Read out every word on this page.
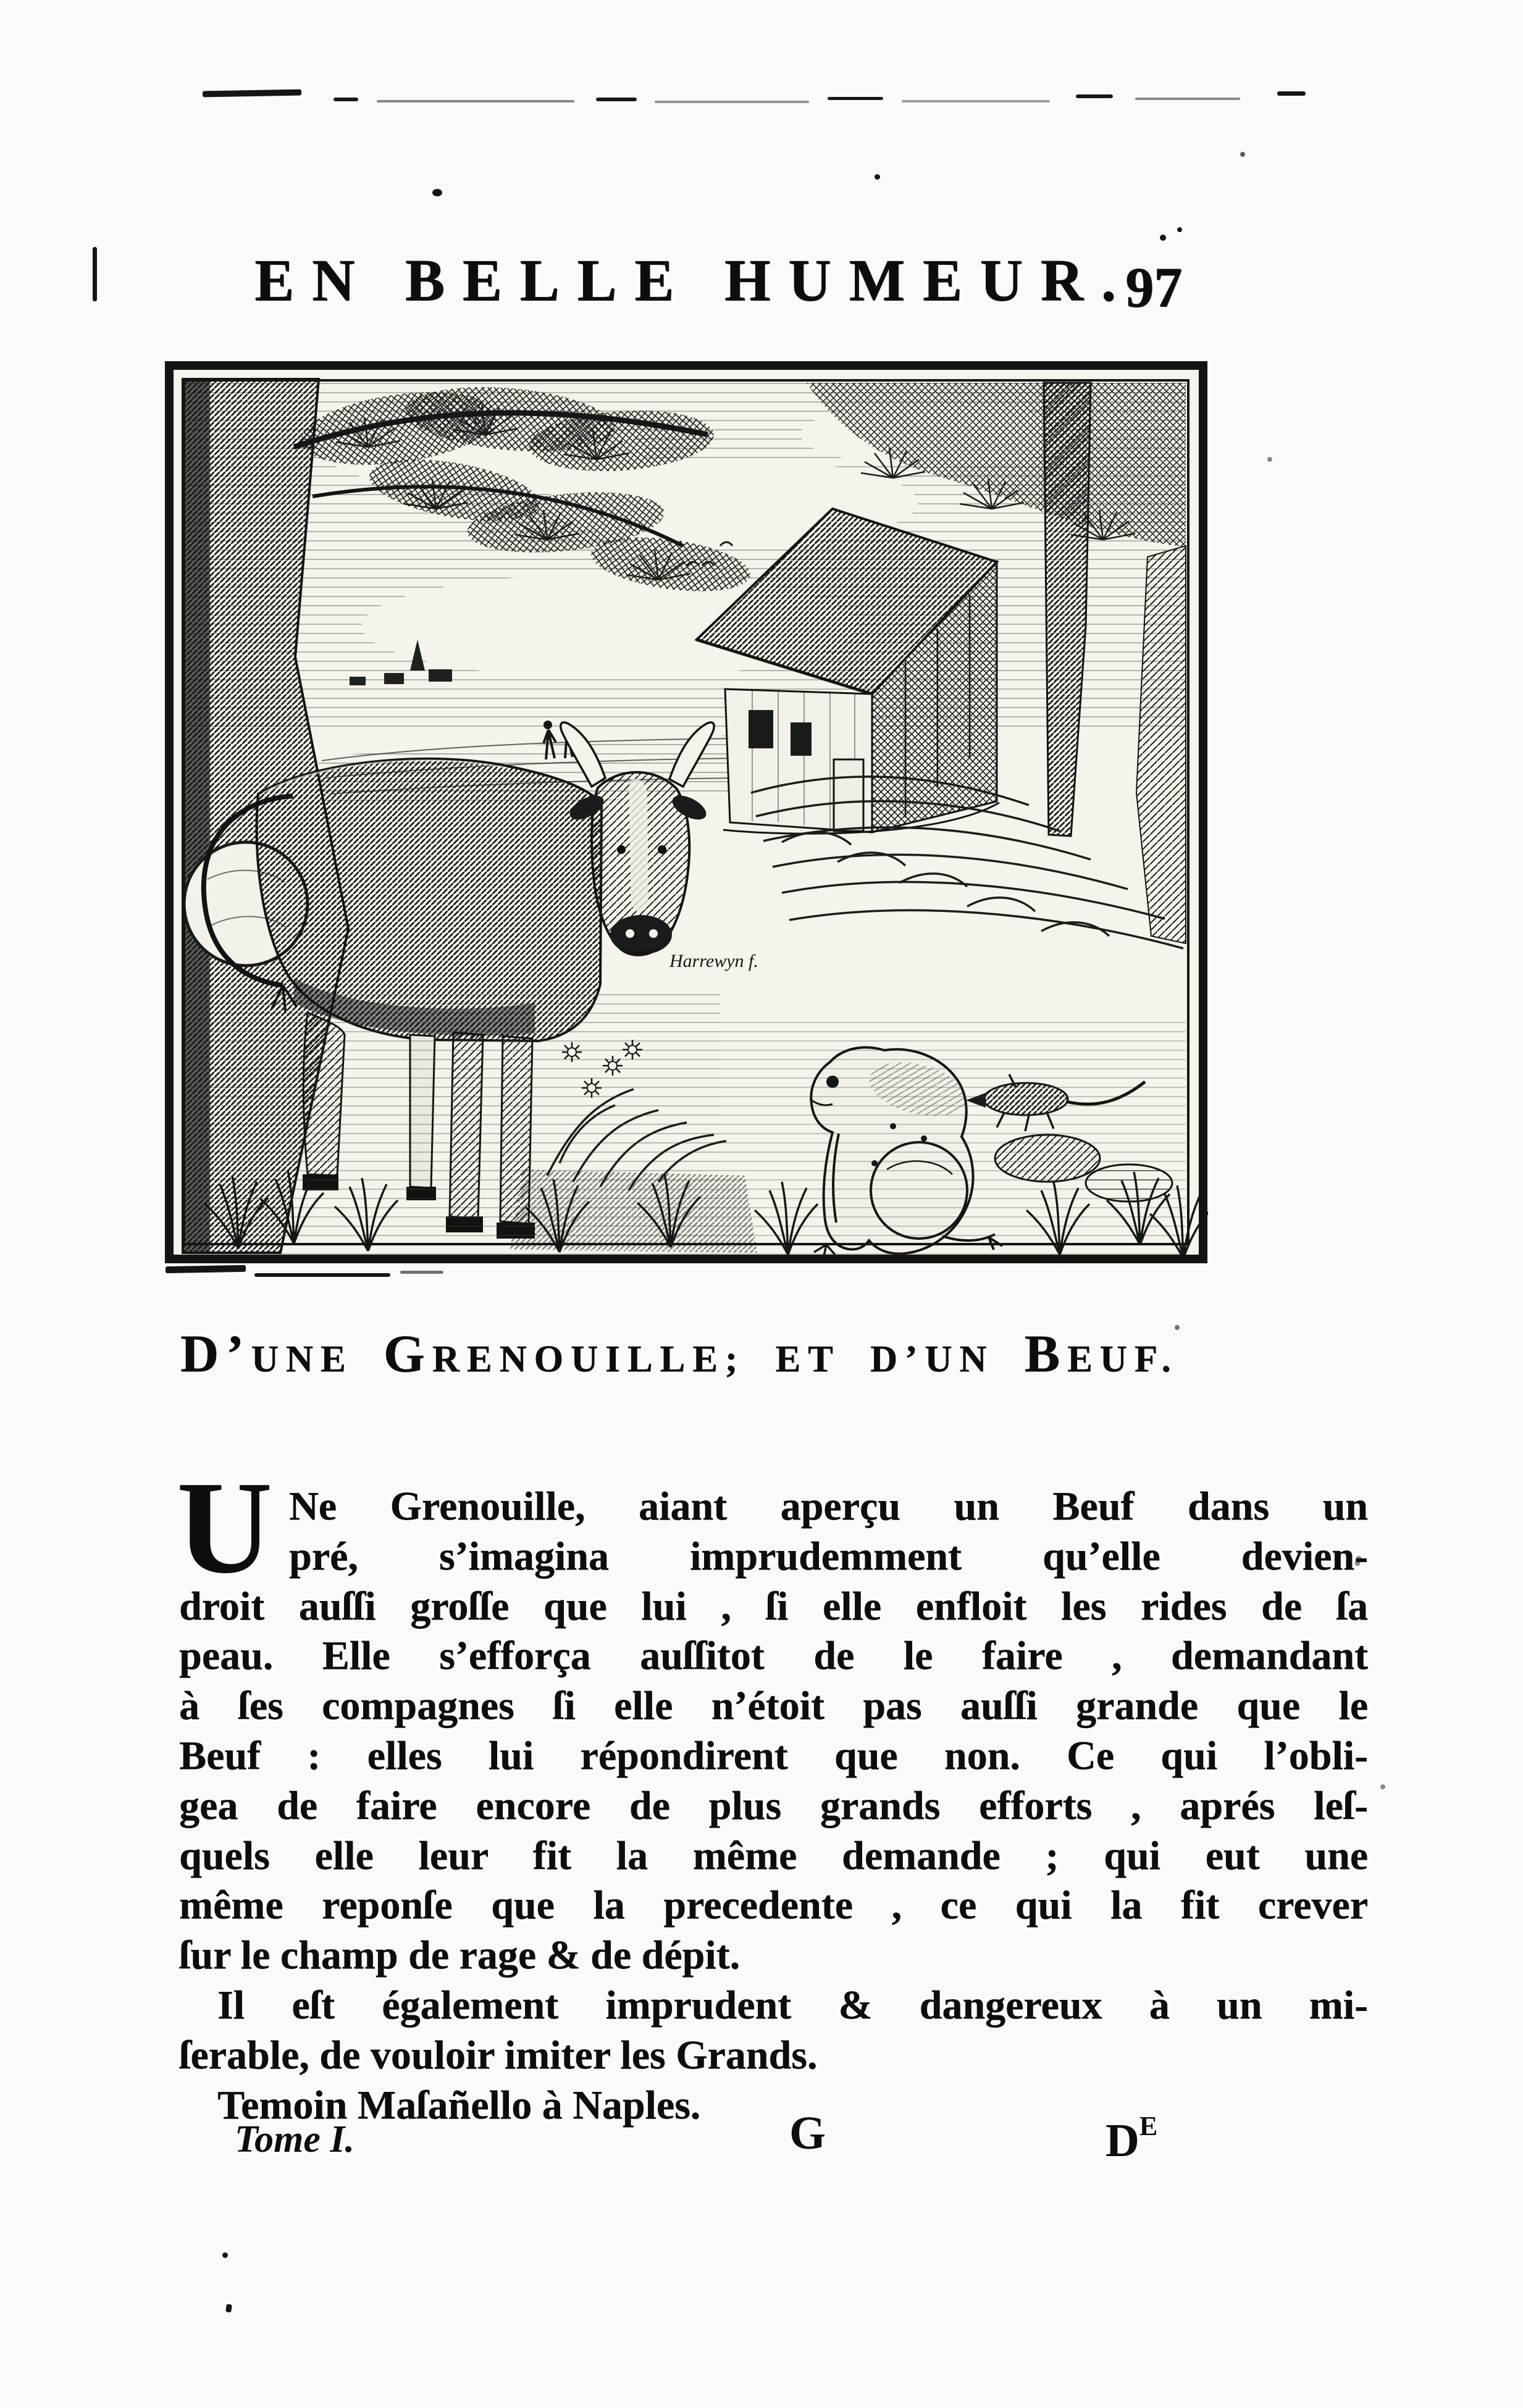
EN BELLE HUMEUR.
97
Harrewyn f.
D’UNE GRENOUILLE; ET D’UN BEUF.
U Ne Grenouille, aiant aperçu un Beuf dans un
pré, s’imagina imprudemment qu’elle devien-
droit auſſi groſſe que lui , ſi elle enfloit les rides de ſa
peau. Elle s’efforça auſſitot de le faire , demandant
à ſes compagnes ſi elle n’étoit pas auſſi grande que le
Beuf : elles lui répondirent que non. Ce qui l’obli-
gea de faire encore de plus grands efforts , aprés leſ-
quels elle leur fit la même demande ; qui eut une
même reponſe que la precedente , ce qui la fit crever
ſur le champ de rage & de dépit.
Il eſt également imprudent & dangereux à un mi-
ſerable, de vouloir imiter les Grands.
Temoin Maſañello à Naples.
Tome I.	G	$D^E$
